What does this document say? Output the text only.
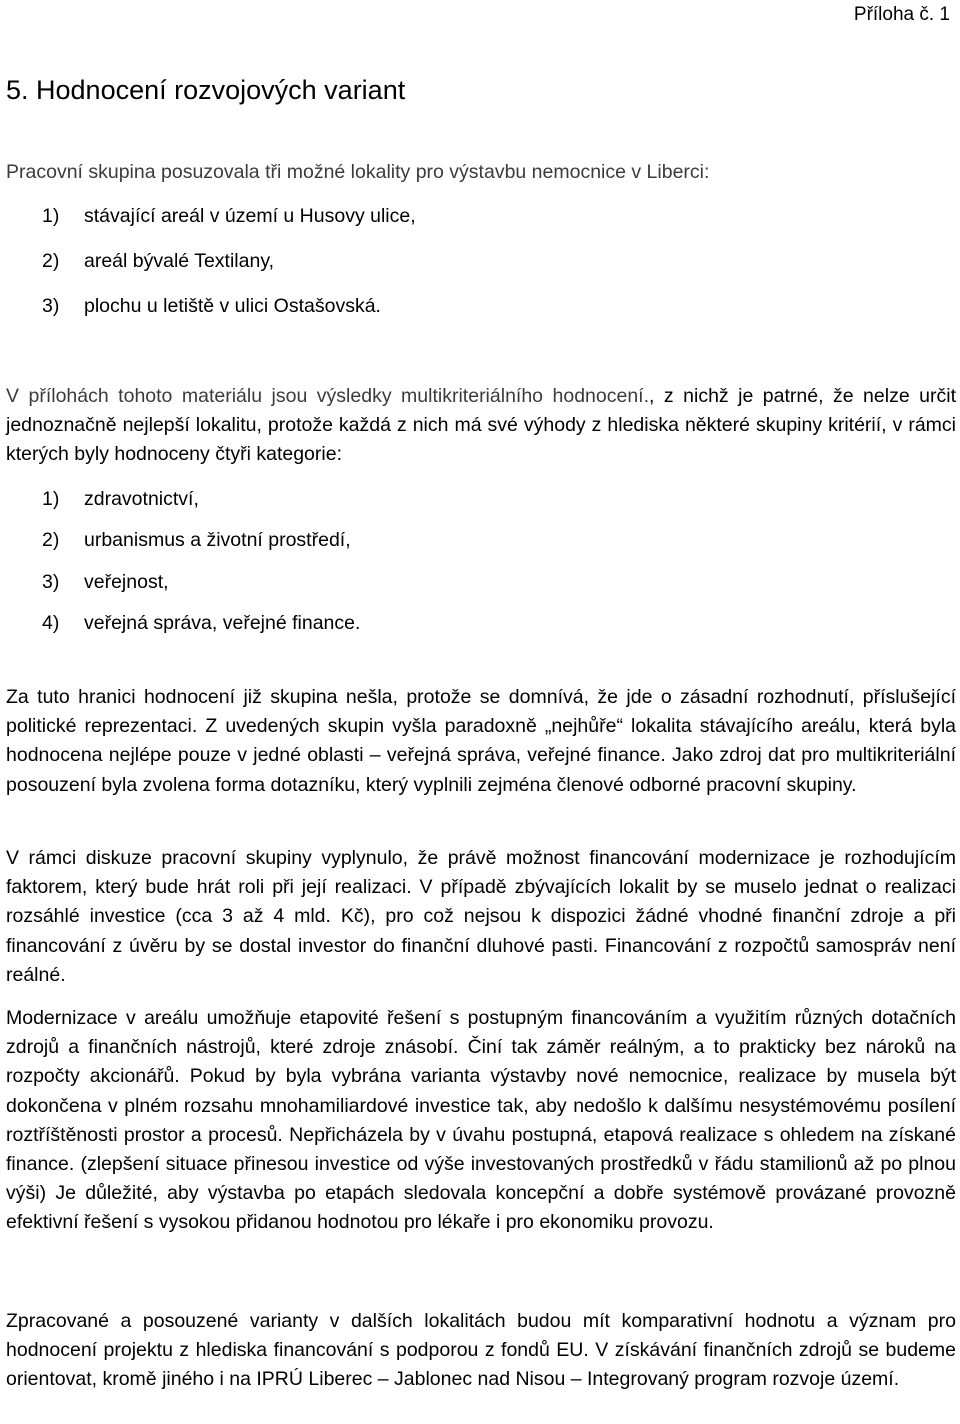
Příloha č. 1
5. Hodnocení rozvojových variant
Pracovní skupina posuzovala tři možné lokality pro výstavbu nemocnice v Liberci:
1) stávající areál v území u Husovy ulice,
2) areál bývalé Textilany,
3) plochu u letiště v ulici Ostašovská.

V přílohách tohoto materiálu jsou výsledky multikriteriálního hodnocení., z nichž je patrné, že nelze určit jednoznačně nejlepší lokalitu, protože každá z nich má své výhody z hlediska některé skupiny kritérií, v rámci kterých byly hodnoceny čtyři kategorie:

1) zdravotnictví,
2) urbanismus a životní prostředí,
3) veřejnost,
4) veřejná správa, veřejné finance.

Za tuto hranici hodnocení již skupina nešla, protože se domnívá, že jde o zásadní rozhodnutí, příslušející politické reprezentaci. Z uvedených skupin vyšla paradoxně „nejhůře“ lokalita stávajícího areálu, která byla hodnocena nejlépe pouze v jedné oblasti – veřejná správa, veřejné finance. Jako zdroj dat pro multikriteriální posouzení byla zvolena forma dotazníku, který vyplnili zejména členové odborné pracovní skupiny.

V rámci diskuze pracovní skupiny vyplynulo, že právě možnost financování modernizace je rozhodujícím faktorem, který bude hrát roli při její realizaci. V případě zbývajících lokalit by se muselo jednat o realizaci rozsáhlé investice (cca 3 až 4 mld. Kč), pro což nejsou k dispozici žádné vhodné finanční zdroje a při financování z úvěru by se dostal investor do finanční dluhové pasti. Financování z rozpočtů samospráv není reálné.

Modernizace v areálu umožňuje etapovité řešení s postupným financováním a využitím různých dotačních zdrojů a finančních nástrojů, které zdroje znásobí. Činí tak záměr reálným, a to prakticky bez nároků na rozpočty akcionářů. Pokud by byla vybrána varianta výstavby nové nemocnice, realizace by musela být dokončena v plném rozsahu mnohamiliardové investice tak, aby nedošlo k dalšímu nesystémovému posílení roztříštěnosti prostor a procesů. Nepřicházela by v úvahu postupná, etapová realizace s ohledem na získané finance. (zlepšení situace přinesou investice od výše investovaných prostředků v řádu stamilionů až po plnou výši) Je důležité, aby výstavba po etapách sledovala koncepční a dobře systémově provázané provozně efektivní řešení s vysokou přidanou hodnotou pro lékaře i pro ekonomiku provozu.

Zpracované a posouzené varianty v dalších lokalitách budou mít komparativní hodnotu a význam pro hodnocení projektu z hlediska financování s podporou z fondů EU. V získávání finančních zdrojů se budeme orientovat, kromě jiného i na IPRÚ Liberec – Jablonec nad Nisou – Integrovaný program rozvoje území.
